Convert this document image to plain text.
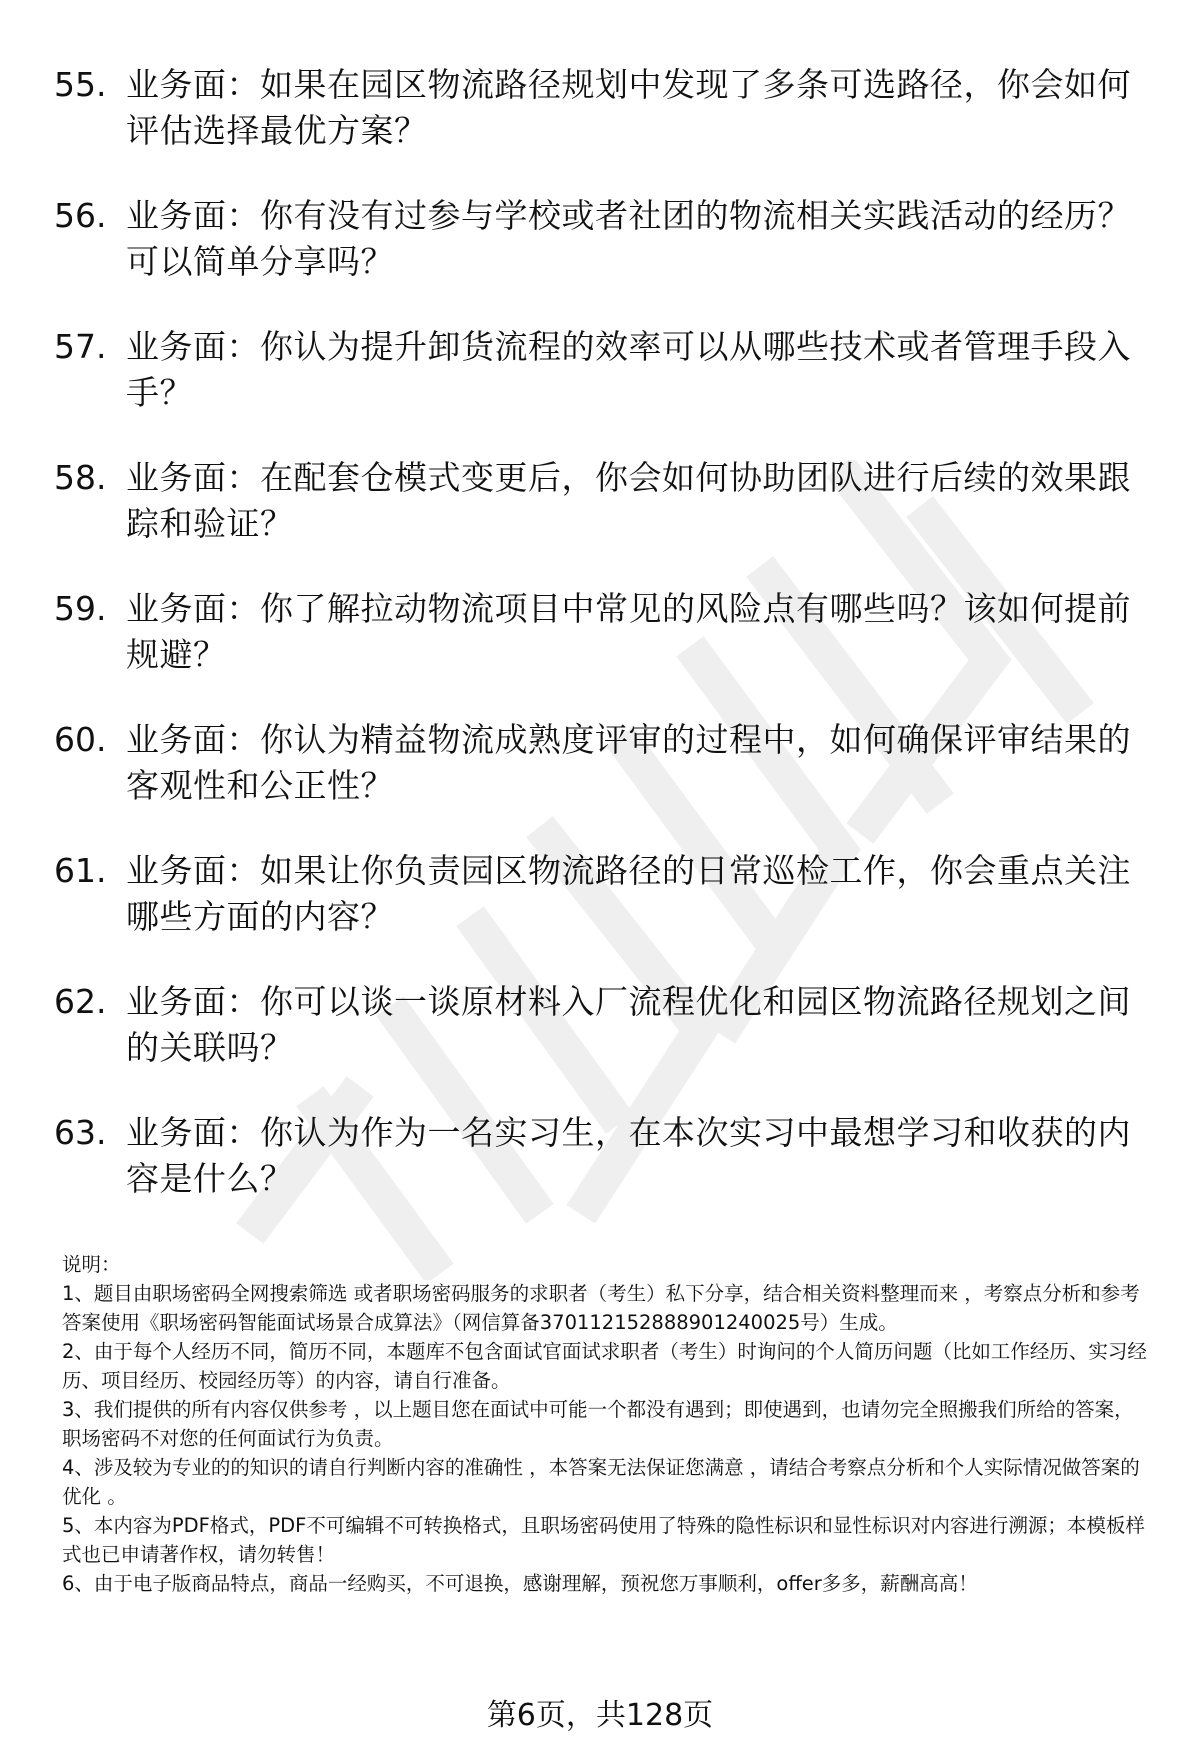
55. 业务面：如果在园区物流路径规划中发现了多条可选路径，你会如何评估选择最优方案？
56. 业务面：你有没有过参与学校或者社团的物流相关实践活动的经历？可以简单分享吗？
57. 业务面：你认为提升卸货流程的效率可以从哪些技术或者管理手段入手？
58. 业务面：在配套仓模式变更后，你会如何协助团队进行后续的效果跟踪和验证？
59. 业务面：你了解拉动物流项目中常见的风险点有哪些吗？该如何提前规避？
60. 业务面：你认为精益物流成熟度评审的过程中，如何确保评审结果的客观性和公正性？
61. 业务面：如果让你负责园区物流路径的日常巡检工作，你会重点关注哪些方面的内容？
62. 业务面：你可以谈一谈原材料入厂流程优化和园区物流路径规划之间的关联吗？
63. 业务面：你认为作为一名实习生，在本次实习中最想学习和收获的内容是什么？

说明：

1、题目由职场密码全网搜索筛选 或者职场密码服务的求职者（考生）私下分享，结合相关资料整理而来 ，考察点分析和参考答案使用《职场密码智能面试场景合成算法》（网信算备370112152888901240025号）生成。

2、由于每个人经历不同，简历不同，本题库不包含面试官面试求职者（考生）时询问的个人简历问题（比如工作经历、实习经历、项目经历、校园经历等）的内容，请自行准备。

3、我们提供的所有内容仅供参考 ，以上题目您在面试中可能一个都没有遇到；即使遇到，也请勿完全照搬我们所给的答案，职场密码不对您的任何面试行为负责。

4、涉及较为专业的的知识的请自行判断内容的准确性 ，本答案无法保证您满意 ，请结合考察点分析和个人实际情况做答案的优化 。

5、本内容为PDF格式，PDF不可编辑不可转换格式，且职场密码使用了特殊的隐性标识和显性标识对内容进行溯源；本模板样式也已申请著作权，请勿转售！

6、由于电子版商品特点，商品一经购买，不可退换，感谢理解，预祝您万事顺利，offer多多，薪酬高高！

第6页，共128页
